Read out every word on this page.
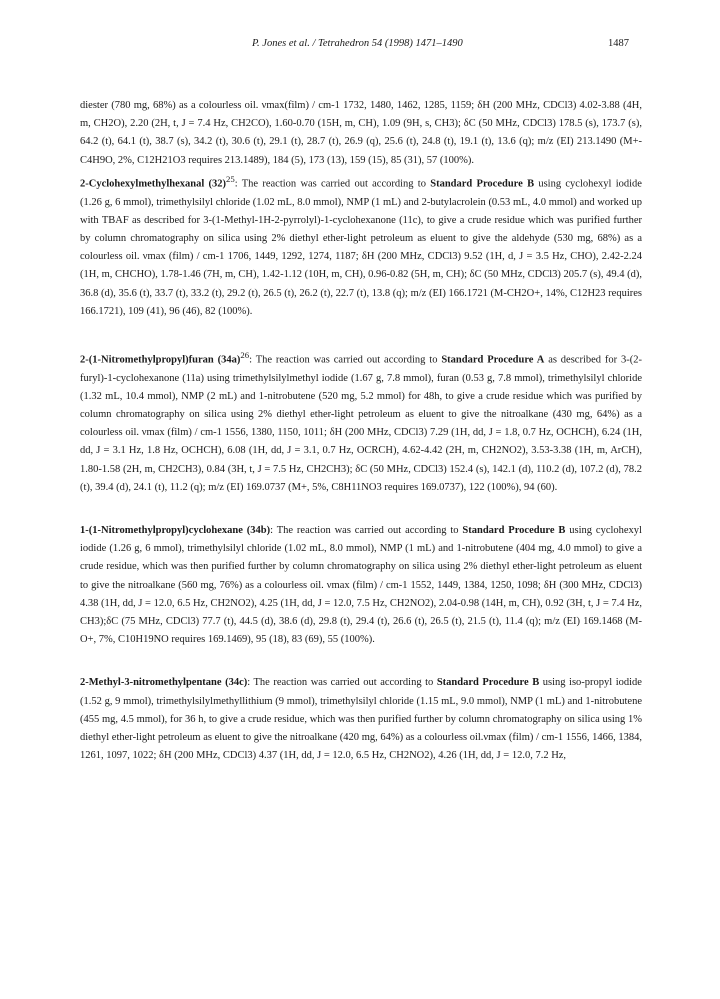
P. Jones et al. / Tetrahedron 54 (1998) 1471–1490	1487

diester (780 mg, 68%) as a colourless oil. νmax(film) / cm-1 1732, 1480, 1462, 1285, 1159; δH (200 MHz, CDCl3) 4.02-3.88 (4H, m, CH2O), 2.20 (2H, t, J = 7.4 Hz, CH2CO), 1.60-0.70 (15H, m, CH), 1.09 (9H, s, CH3); δC (50 MHz, CDCl3) 178.5 (s), 173.7 (s), 64.2 (t), 64.1 (t), 38.7 (s), 34.2 (t), 30.6 (t), 29.1 (t), 28.7 (t), 26.9 (q), 25.6 (t), 24.8 (t), 19.1 (t), 13.6 (q); m/z (EI) 213.1490 (M+-C4H9O, 2%, C12H21O3 requires 213.1489), 184 (5), 173 (13), 159 (15), 85 (31), 57 (100%).

2-Cyclohexylmethylhexanal $(32)^{25}$: The reaction was carried out according to Standard Procedure B using cyclohexyl iodide (1.26 g, 6 mmol), trimethylsilyl chloride (1.02 mL, 8.0 mmol), NMP (1 mL) and 2-butylacrolein (0.53 mL, 4.0 mmol) and worked up with TBAF as described for 3-(1-Methyl-1H-2-pyrrolyl)-1-cyclohexanone (11c), to give a crude residue which was purified further by column chromatography on silica using 2% diethyl ether-light petroleum as eluent to give the aldehyde (530 mg, 68%) as a colourless oil. νmax (film) / cm-1 1706, 1449, 1292, 1274, 1187; δH (200 MHz, CDCl3) 9.52 (1H, d, J = 3.5 Hz, CHO), 2.42-2.24 (1H, m, CHCHO), 1.78-1.46 (7H, m, CH), 1.42-1.12 (10H, m, CH), 0.96-0.82 (5H, m, CH); δC (50 MHz, CDCl3) 205.7 (s), 49.4 (d), 36.8 (d), 35.6 (t), 33.7 (t), 33.2 (t), 29.2 (t), 26.5 (t), 26.2 (t), 22.7 (t), 13.8 (q); m/z (EI) 166.1721 (M-CH2O+, 14%, C12H23 requires 166.1721), 109 (41), 96 (46), 82 (100%).

2-(1-Nitromethylpropyl)furan $(34a)^{26}$: The reaction was carried out according to Standard Procedure A as described for 3-(2-furyl)-1-cyclohexanone (11a) using trimethylsilylmethyl iodide (1.67 g, 7.8 mmol), furan (0.53 g, 7.8 mmol), trimethylsilyl chloride (1.32 mL, 10.4 mmol), NMP (2 mL) and 1-nitrobutene (520 mg, 5.2 mmol) for 48h, to give a crude residue which was purified by column chromatography on silica using 2% diethyl ether-light petroleum as eluent to give the nitroalkane (430 mg, 64%) as a colourless oil. νmax (film) / cm-1 1556, 1380, 1150, 1011; δH (200 MHz, CDCl3) 7.29 (1H, dd, J = 1.8, 0.7 Hz, OCHCH), 6.24 (1H, dd, J = 3.1 Hz, 1.8 Hz, OCHCH), 6.08 (1H, dd, J = 3.1, 0.7 Hz, OCRCH), 4.62-4.42 (2H, m, CH2NO2), 3.53-3.38 (1H, m, ArCH), 1.80-1.58 (2H, m, CH2CH3), 0.84 (3H, t, J = 7.5 Hz, CH2CH3); δC (50 MHz, CDCl3) 152.4 (s), 142.1 (d), 110.2 (d), 107.2 (d), 78.2 (t), 39.4 (d), 24.1 (t), 11.2 (q); m/z (EI) 169.0737 (M+, 5%, C8H11NO3 requires 169.0737), 122 (100%), 94 (60).

1-(1-Nitromethylpropyl)cyclohexane (34b): The reaction was carried out according to Standard Procedure B using cyclohexyl iodide (1.26 g, 6 mmol), trimethylsilyl chloride (1.02 mL, 8.0 mmol), NMP (1 mL) and 1-nitrobutene (404 mg, 4.0 mmol) to give a crude residue, which was then purified further by column chromatography on silica using 2% diethyl ether-light petroleum as eluent to give the nitroalkane (560 mg, 76%) as a colourless oil. νmax (film) / cm-1 1552, 1449, 1384, 1250, 1098; δH (300 MHz, CDCl3) 4.38 (1H, dd, J = 12.0, 6.5 Hz, CH2NO2), 4.25 (1H, dd, J = 12.0, 7.5 Hz, CH2NO2), 2.04-0.98 (14H, m, CH), 0.92 (3H, t, J = 7.4 Hz, CH3);δC (75 MHz, CDCl3) 77.7 (t), 44.5 (d), 38.6 (d), 29.8 (t), 29.4 (t), 26.6 (t), 26.5 (t), 21.5 (t), 11.4 (q); m/z (EI) 169.1468 (M-O+, 7%, C10H19NO requires 169.1469), 95 (18), 83 (69), 55 (100%).

2-Methyl-3-nitromethylpentane (34c): The reaction was carried out according to Standard Procedure B using iso-propyl iodide (1.52 g, 9 mmol), trimethylsilylmethyllithium (9 mmol), trimethylsilyl chloride (1.15 mL, 9.0 mmol), NMP (1 mL) and 1-nitrobutene (455 mg, 4.5 mmol), for 36 h, to give a crude residue, which was then purified further by column chromatography on silica using 1% diethyl ether-light petroleum as eluent to give the nitroalkane (420 mg, 64%) as a colourless oil.νmax (film) / cm-1 1556, 1466, 1384, 1261, 1097, 1022; δH (200 MHz, CDCl3) 4.37 (1H, dd, J = 12.0, 6.5 Hz, CH2NO2), 4.26 (1H, dd, J = 12.0, 7.2 Hz,
